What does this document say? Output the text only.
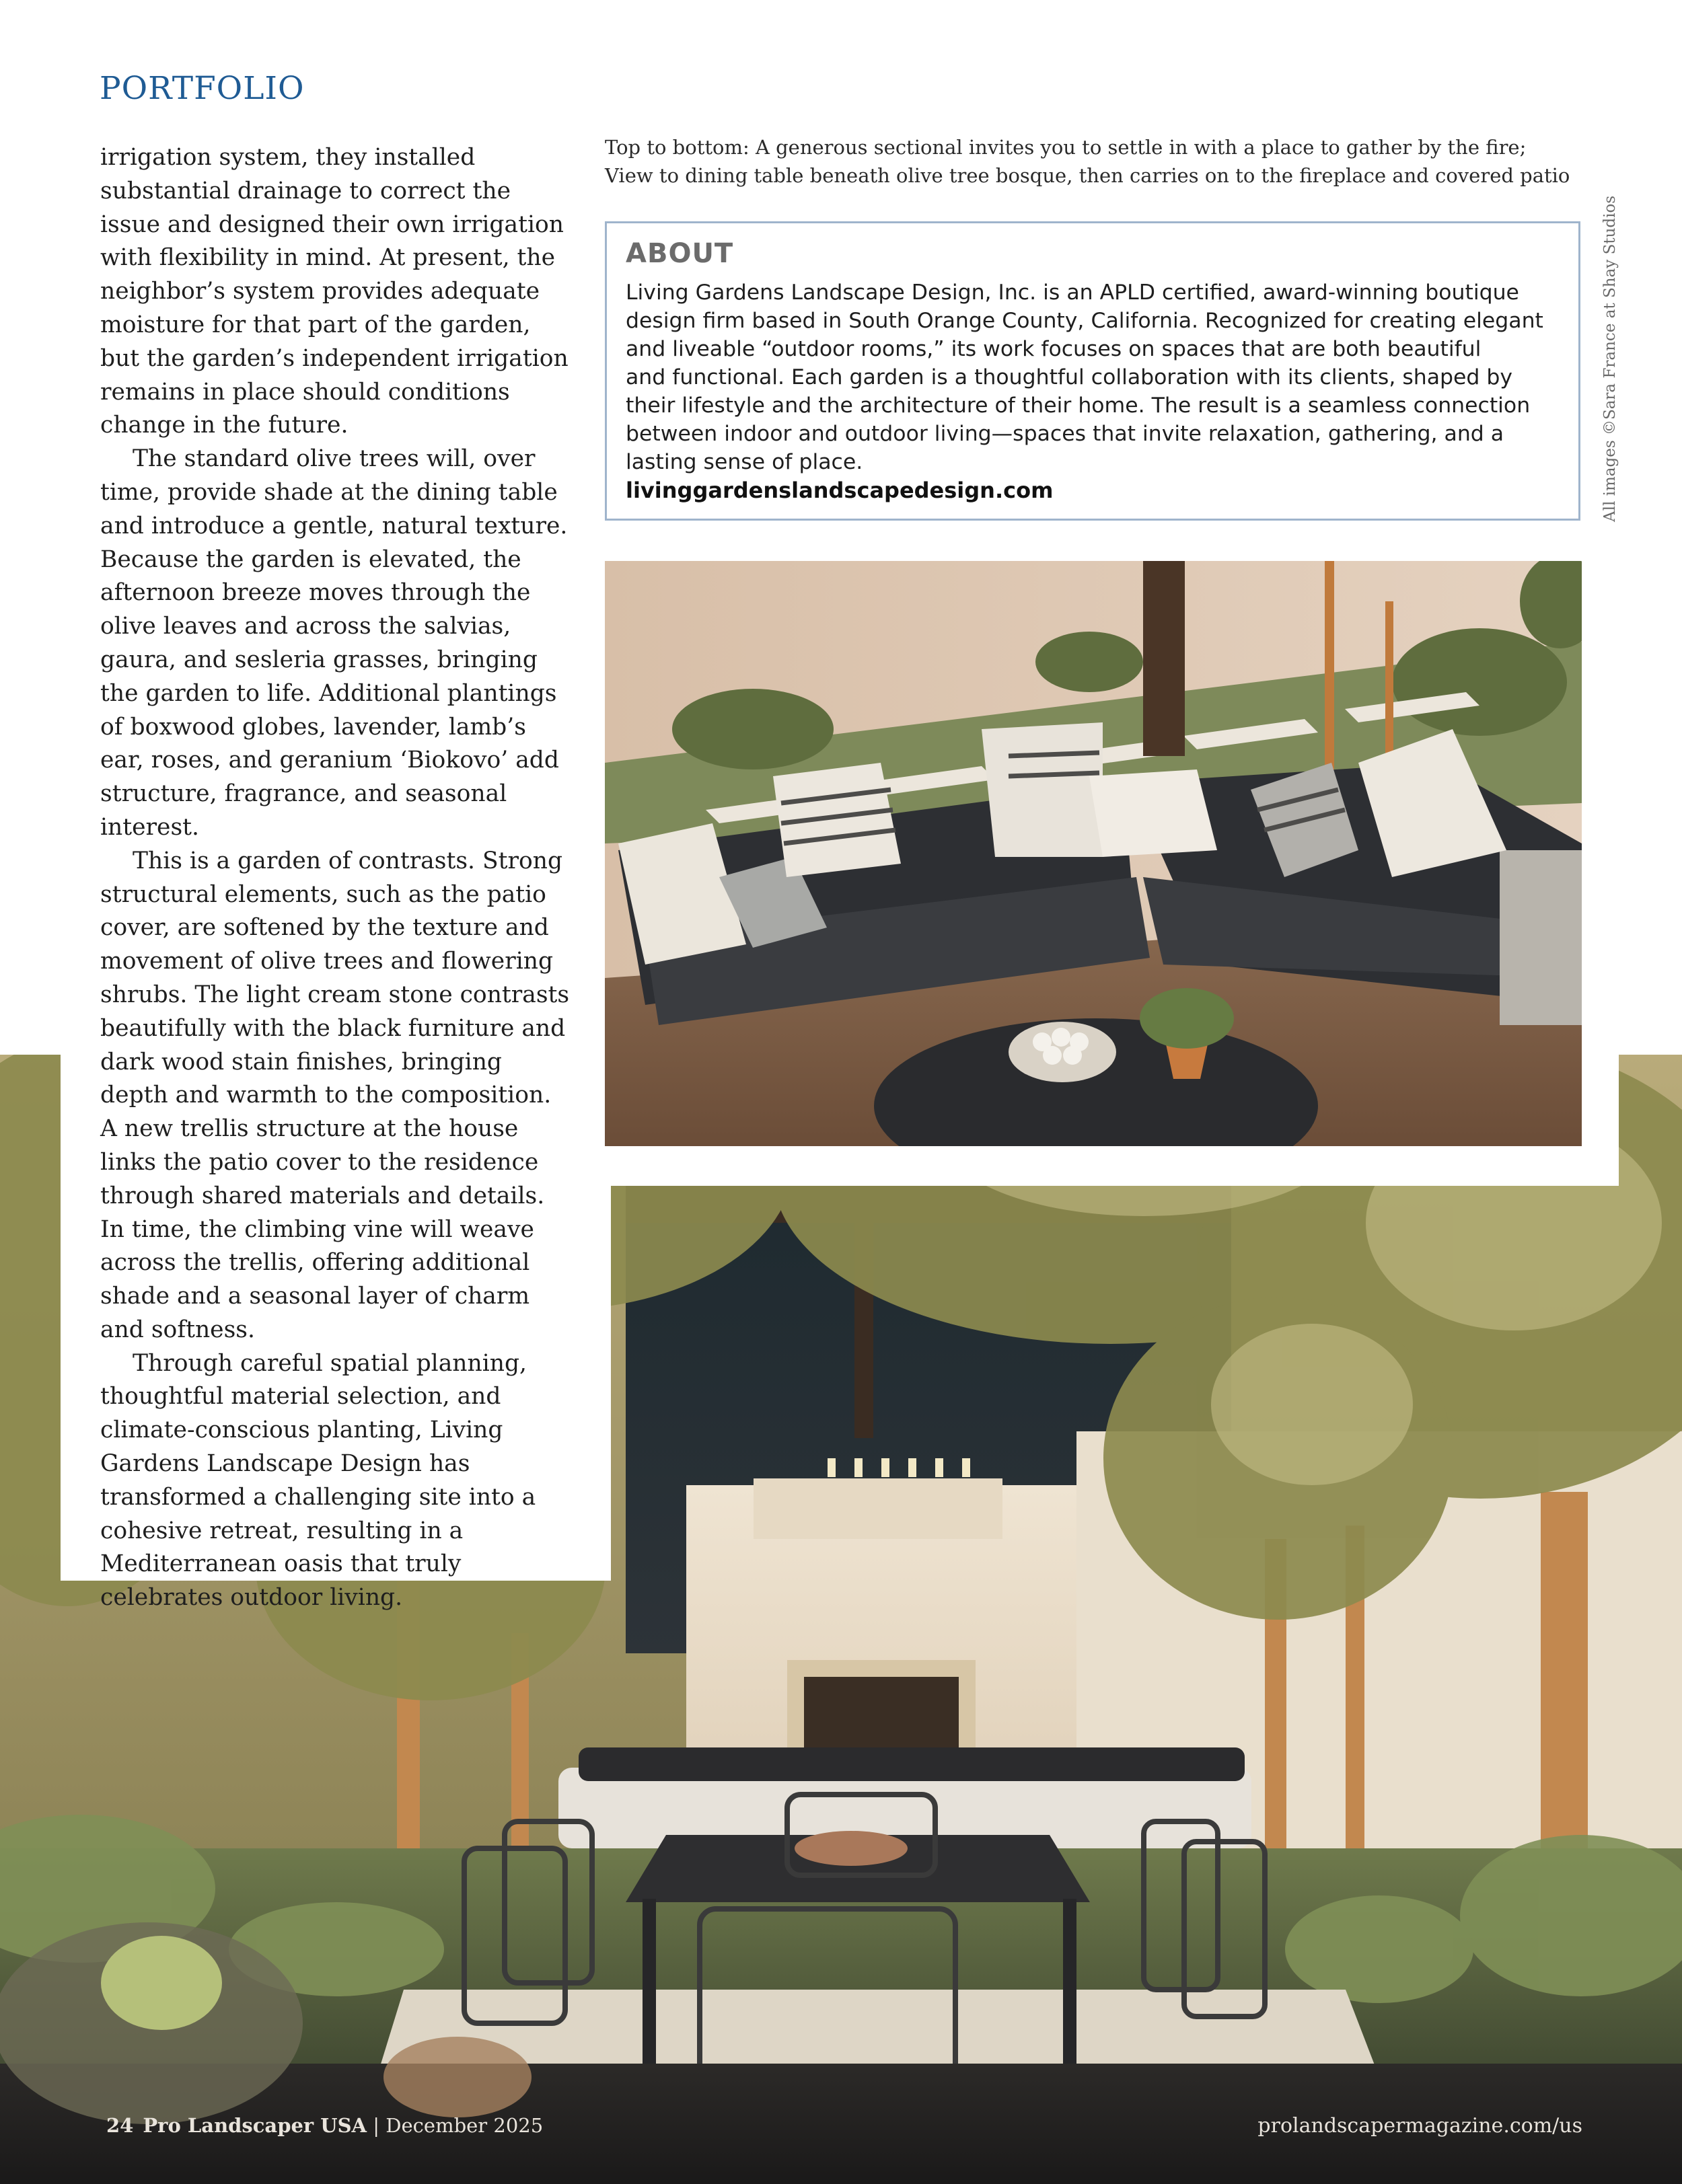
PORTFOLIO

irrigation system, they installed substantial drainage to correct the issue and designed their own irrigation with flexibility in mind. At present, the neighbor’s system provides adequate moisture for that part of the garden, but the garden’s independent irrigation remains in place should conditions change in the future.

The standard olive trees will, over time, provide shade at the dining table and introduce a gentle, natural texture. Because the garden is elevated, the afternoon breeze moves through the olive leaves and across the salvias, gaura, and sesleria grasses, bringing the garden to life. Additional plantings of boxwood globes, lavender, lamb’s ear, roses, and geranium ‘Biokovo’ add structure, fragrance, and seasonal interest.

This is a garden of contrasts. Strong structural elements, such as the patio cover, are softened by the texture and movement of olive trees and flowering shrubs. The light cream stone contrasts beautifully with the black furniture and dark wood stain finishes, bringing depth and warmth to the composition. A new trellis structure at the house links the patio cover to the residence through shared materials and details. In time, the climbing vine will weave across the trellis, offering additional shade and a seasonal layer of charm and softness.

Through careful spatial planning, thoughtful material selection, and climate-conscious planting, Living Gardens Landscape Design has transformed a challenging site into a cohesive retreat, resulting in a Mediterranean oasis that truly celebrates outdoor living.

Top to bottom: A generous sectional invites you to settle in with a place to gather by the fire;
View to dining table beneath olive tree bosque, then carries on to the fireplace and covered patio
ABOUT
Living Gardens Landscape Design, Inc. is an APLD certified, award-winning boutique
design firm based in South Orange County, California. Recognized for creating elegant
and liveable “outdoor rooms,” its work focuses on spaces that are both beautiful
and functional. Each garden is a thoughtful collaboration with its clients, shaped by
their lifestyle and the architecture of their home. The result is a seamless connection
between indoor and outdoor living—spaces that invite relaxation, gathering, and a
lasting sense of place.
livinggardenslandscapedesign.com	All images ©Sara France at Shay Studios
24 Pro Landscaper USA | December 2025	prolandscapermagazine.com/us
